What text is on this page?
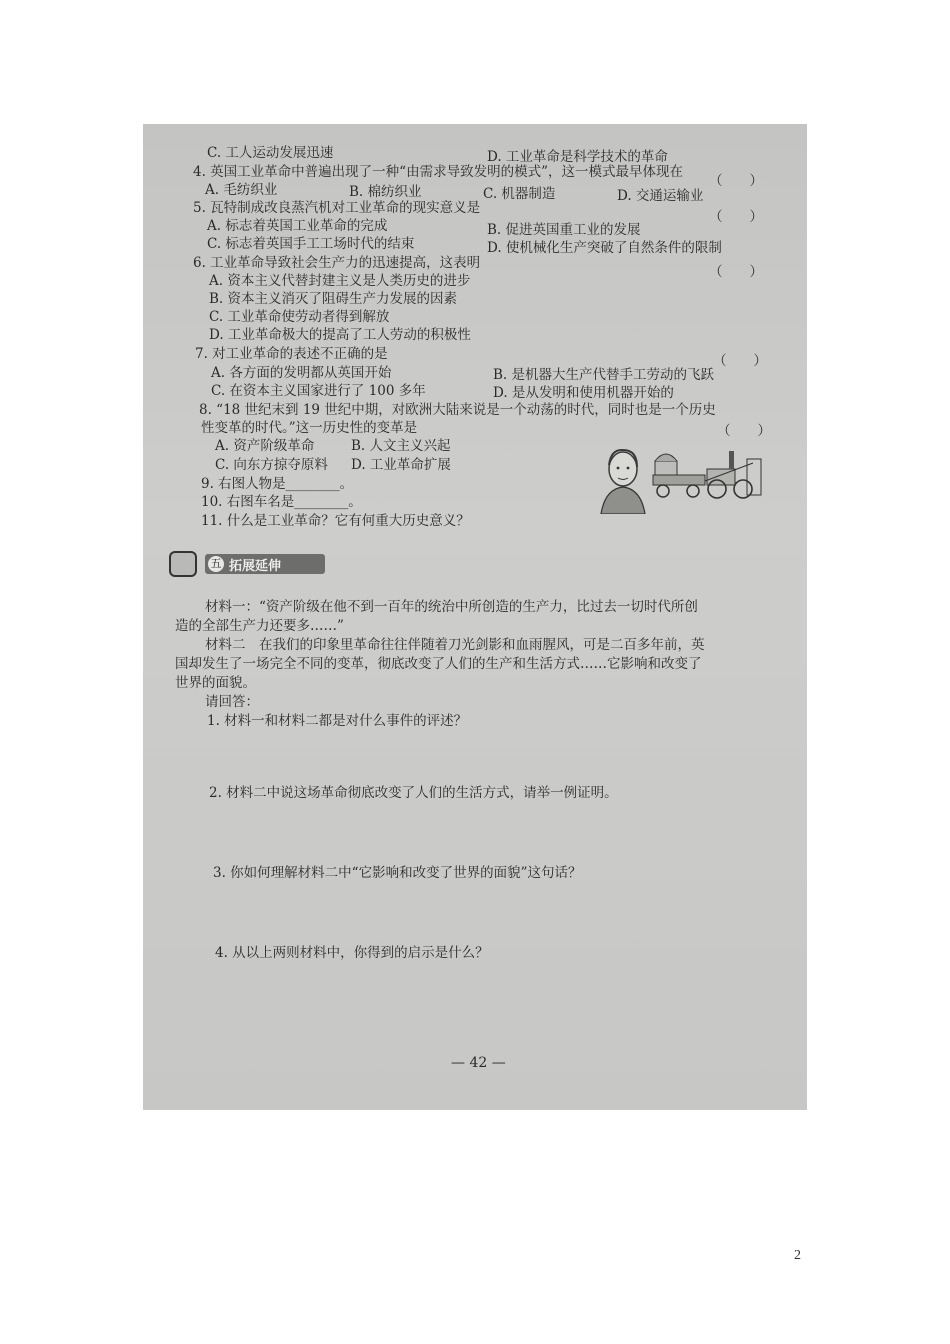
C. 工人运动发展迅速	D. 工业革命是科学技术的革命
4. 英国工业革命中普遍出现了一种“由需求导致发明的模式”，这一模式最早体现在
（　　）
A. 毛纺织业	B. 棉纺织业	C. 机器制造	D. 交通运输业
5. 瓦特制成改良蒸汽机对工业革命的现实意义是
（　　）
A. 标志着英国工业革命的完成	B. 促进英国重工业的发展
C. 标志着英国手工工场时代的结束	D. 使机械化生产突破了自然条件的限制
6. 工业革命导致社会生产力的迅速提高，这表明
（　　）
A. 资本主义代替封建主义是人类历史的进步
B. 资本主义消灭了阻碍生产力发展的因素
C. 工业革命使劳动者得到解放
D. 工业革命极大的提高了工人劳动的积极性
7. 对工业革命的表述不正确的是	（　　）
A. 各方面的发明都从英国开始	B. 是机器大生产代替手工劳动的飞跃
C. 在资本主义国家进行了 100 多年	D. 是从发明和使用机器开始的
8. “18 世纪末到 19 世纪中期，对欧洲大陆来说是一个动荡的时代，同时也是一个历史
性变革的时代。”这一历史性的变革是	（　　）
A. 资产阶级革命	B. 人文主义兴起
C. 向东方掠夺原料 D. 工业革命扩展
9. 右图人物是________。
10. 右图车名是________。
11. 什么是工业革命？它有何重大历史意义？
五 拓展延伸
材料一：“资产阶级在他不到一百年的统治中所创造的生产力，比过去一切时代所创
造的全部生产力还要多……”
材料二　在我们的印象里革命往往伴随着刀光剑影和血雨腥风，可是二百多年前，英
国却发生了一场完全不同的变革，彻底改变了人们的生产和生活方式……它影响和改变了
世界的面貌。
请回答：
1. 材料一和材料二都是对什么事件的评述？
2. 材料二中说这场革命彻底改变了人们的生活方式，请举一例证明。
3. 你如何理解材料二中“它影响和改变了世界的面貌”这句话？
4. 从以上两则材料中，你得到的启示是什么？
— 42 —
2
